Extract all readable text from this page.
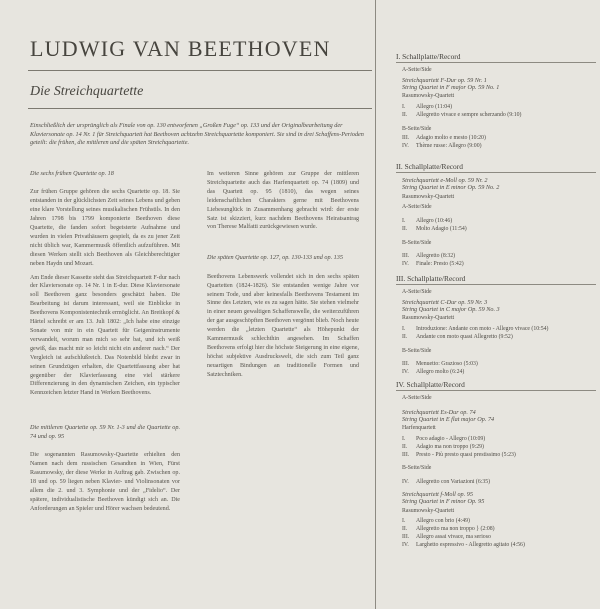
LUDWIG VAN BEETHOVEN
Die Streichquartette
Einschließlich der ursprünglich als Finale von op. 130 entworfenen „Großen Fuge“ op. 133 und der Originalbearbeitung der Klaviersonate op. 14 Nr. 1 für Streichquartett hat Beethoven achtzehn Streichquartette komponiert. Sie sind in drei Schaffens-Perioden geteilt: die frühen, die mittleren und die späten Streichquartette.
Die sechs frühen Quartette op. 18

Zur frühen Gruppe gehören die sechs Quartette op. 18. Sie entstanden in der glücklichsten Zeit seines Lebens und geben eine klare Vorstellung seines musikalischen Frühstils. In den Jahren 1798 bis 1799 komponierte Beethoven diese Quartette, die fanden sofort begeisterte Aufnahme und wurden in vielen Privathäusern gespielt, da es zu jener Zeit nicht üblich war, Kammermusik öffentlich aufzuführen. Mit diesen Werken stellt sich Beethoven als Gleichberechtigter neben Haydn und Mozart.

Am Ende dieser Kassette steht das Streichquartett F-dur nach der Klaviersonate op. 14 Nr. 1 in E-dur. Diese Klaviersonate soll Beethoven ganz besonders geschätzt haben. Die Bearbeitung ist darum interessant, weil sie Einblicke in Beethovens Komponistentechnik ermöglicht. An Breitkopf & Härtel schreibt er am 13. Juli 1802: „Ich habe eine einzige Sonate von mir in ein Quartett für Geigeninstrumente verwandelt, worum man mich so sehr bat, und ich weiß gewiß, das macht mir so leicht nicht ein anderer nach.“ Der Vergleich ist aufschlußreich. Das Notenbild bleibt zwar in seinen Grundzügen erhalten, die Quartettfassung aber hat gegenüber der Klavierfassung eine viel stärkere Differenzierung in den dynamischen Zeichen, ein typischer Kennzeichen letzter Hand in Werken Beethovens.

Die mittleren Quartette op. 59 Nr. 1-3 und die Quartette op. 74 und op. 95

Die sogenannten Rasumowsky-Quartette erhielten den Namen nach dem russischen Gesandten in Wien, Fürst Rasumowsky, der diese Werke in Auftrag gab. Zwischen op. 18 und op. 59 liegen neben Klavier- und Violinsonaten vor allem die 2. und 3. Symphonie und der „Fidelio“. Der spätere, individualistische Beethoven kündigt sich an. Die Anforderungen an Spieler und Hörer wachsen bedeutend.

Im weiteren Sinne gehören zur Gruppe der mittleren Streichquartette auch das Harfenquartett op. 74 (1809) und das Quartett op. 95 (1810), das wegen seines leidenschaftlichen Charakters gerne mit Beethovens Liebesunglück in Zusammenhang gebracht wird: der erste Satz ist skizziert, kurz nachdem Beethovens Heiratsantrag von Therese Malfatti zurückgewiesen wurde.

Die späten Quartette op. 127, op. 130-133 und op. 135

Beethovens Lebenswerk vollendet sich in den sechs späten Quartetten (1824-1826). Sie entstanden wenige Jahre vor seinem Tode, und aber keinesfalls Beethovens Testament im Sinne des Letzten, wie es zu sagen hätte. Sie stehen vielmehr in einer neuen gewaltigen Schaffenswelle, die weiterzuführen der gar ausgeschöpften Beethoven vergönnt blieb. Noch heute werden die „letzten Quartette“ als Höhepunkt der Kammermusik schlechthin angesehen. Im Schaffen Beethovens erfolgt hier die höchste Steigerung in eine eigene, höchst subjektive Ausdruckswelt, die sich zum Teil ganz neuartigen Bindungen an traditionelle Formen und Satztechniken.

I. Schallplatte/Record
A-Seite/Side
Streichquartett F-Dur op. 59 Nr. 1
String Quartet in F major Op. 59 No. 1
Rasumowsky-Quartett
I.	Allegro (11:04)
II.	Allegretto vivace e sempre scherzando (9:10)
B-Seite/Side
III.	Adagio molto e mesto (10:20)
IV.	Thème russe: Allegro (9:00)
II. Schallplatte/Record
Streichquartett e-Moll op. 59 Nr. 2
String Quartet in E minor Op. 59 No. 2
Rasumowsky-Quartett
A-Seite/Side
I.	Allegro (10:46)
II.	Molto Adagio (11:54)
B-Seite/Side
III.	Allegretto (8:32)
IV.	Finale: Presto (5:42)
III. Schallplatte/Record
A-Seite/Side
Streichquartett C-Dur op. 59 Nr. 3
String Quartet in C major Op. 59 No. 3
Rasumowsky-Quartett
I.	Introduzione: Andante con moto - Allegro vivace (10:54)
II.	Andante con moto quasi Allegretto (9:52)
B-Seite/Side
III.	Menuetto: Grazioso (5:03)
IV.	Allegro molto (6:24)
IV. Schallplatte/Record
A-Seite/Side
Streichquartett Es-Dur op. 74
String Quartet in E flat major Op. 74
Harfenquartett
I.	Poco adagio - Allegro (10:09)
II.	Adagio ma non troppo (9:29)
III.	Presto - Più presto quasi prestissimo (5:23)
B-Seite/Side
IV.	Allegretto con Variazioni (6:35)
Streichquartett f-Moll op. 95
String Quartet in F minor Op. 95
Rasumowsky-Quartett
I.	Allegro con brio (4:49)
II.	Allegretto ma non troppo } (2:08)
III.	Allegro assai vivace, ma serioso
IV.	Larghetto espressivo - Allegretto agitato (4:56)
